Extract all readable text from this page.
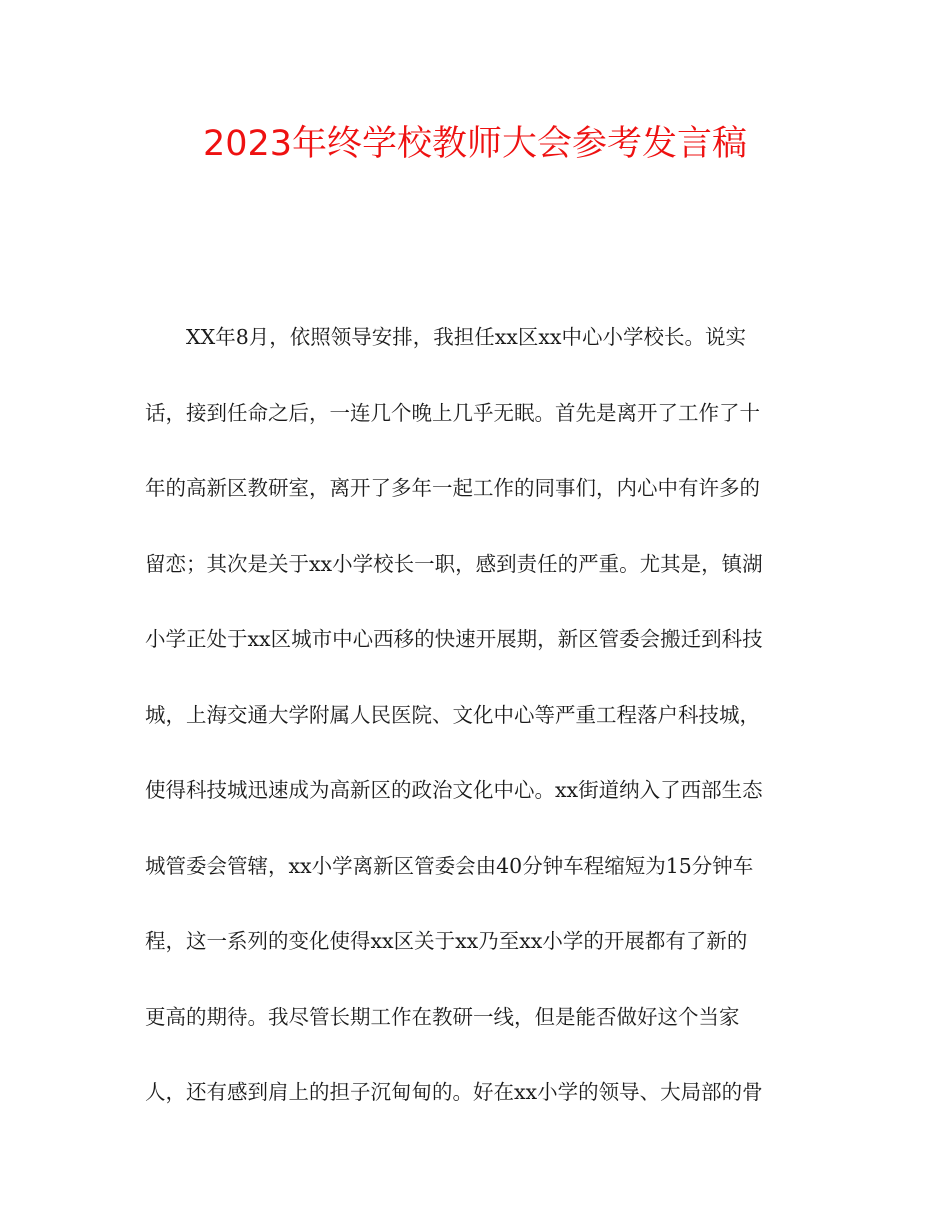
2023年终学校教师大会参考发言稿
XX年8月，依照领导安排，我担任xx区xx中心小学校长。说实
话，接到任命之后，一连几个晚上几乎无眠。首先是离开了工作了十
年的高新区教研室，离开了多年一起工作的同事们，内心中有许多的
留恋；其次是关于xx小学校长一职，感到责任的严重。尤其是，镇湖
小学正处于xx区城市中心西移的快速开展期，新区管委会搬迁到科技
城，上海交通大学附属人民医院、文化中心等严重工程落户科技城，
使得科技城迅速成为高新区的政治文化中心。xx街道纳入了西部生态
城管委会管辖，xx小学离新区管委会由40分钟车程缩短为15分钟车
程，这一系列的变化使得xx区关于xx乃至xx小学的开展都有了新的
更高的期待。我尽管长期工作在教研一线，但是能否做好这个当家
人，还有感到肩上的担子沉甸甸的。好在xx小学的领导、大局部的骨
